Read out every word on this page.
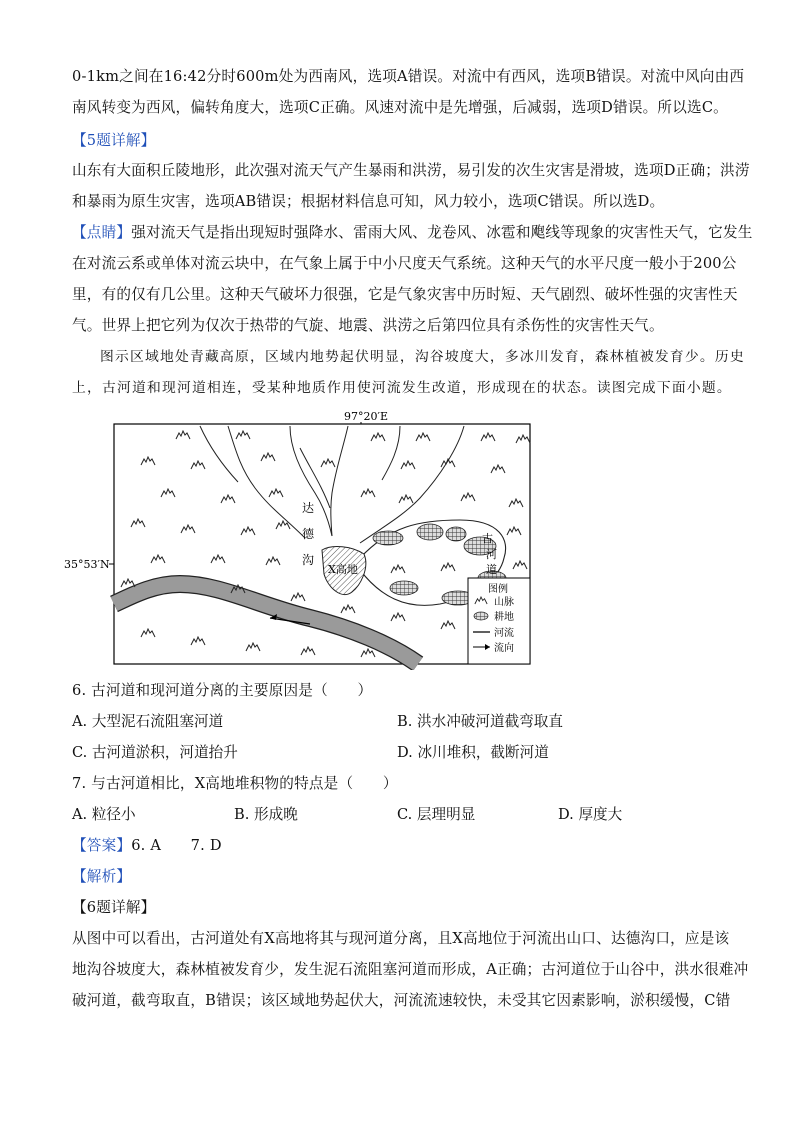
0-1km之间在16:42分时600m处为西南风，选项A错误。对流中有西风，选项B错误。对流中风向由西
南风转变为西风，偏转角度大，选项C正确。风速对流中是先增强，后减弱，选项D错误。所以选C。
【5题详解】
山东有大面积丘陵地形，此次强对流天气产生暴雨和洪涝，易引发的次生灾害是滑坡，选项D正确；洪涝
和暴雨为原生灾害，选项AB错误；根据材料信息可知，风力较小，选项C错误。所以选D。
【点睛】强对流天气是指出现短时强降水、雷雨大风、龙卷风、冰雹和飑线等现象的灾害性天气，它发生
在对流云系或单体对流云块中，在气象上属于中小尺度天气系统。这种天气的水平尺度一般小于200公
里，有的仅有几公里。这种天气破坏力很强，它是气象灾害中历时短、天气剧烈、破坏性强的灾害性天
气。世界上把它列为仅次于热带的气旋、地震、洪涝之后第四位具有杀伤性的灾害性天气。
图示区域地处青藏高原，区域内地势起伏明显，沟谷坡度大，多冰川发育，森林植被发育少。历史
上，古河道和现河道相连，受某种地质作用使河流发生改道，形成现在的状态。读图完成下面小题。
97°20′E
35°53′N	X高地
达
德
沟
古
河
道
图例
山脉
耕地
河流
流向
6. 古河道和现河道分离的主要原因是（　　）
A. 大型泥石流阻塞河道	B. 洪水冲破河道截弯取直
C. 古河道淤积，河道抬升	D. 冰川堆积，截断河道
7. 与古河道相比，X高地堆积物的特点是（　　）
A. 粒径小	B. 形成晚	C. 层理明显	D. 厚度大
【答案】6. A　　7. D
【解析】
【6题详解】
从图中可以看出，古河道处有X高地将其与现河道分离，且X高地位于河流出山口、达德沟口，应是该
地沟谷坡度大，森林植被发育少，发生泥石流阻塞河道而形成，A正确；古河道位于山谷中，洪水很难冲
破河道，截弯取直，B错误；该区域地势起伏大，河流流速较快，未受其它因素影响，淤积缓慢，C错
